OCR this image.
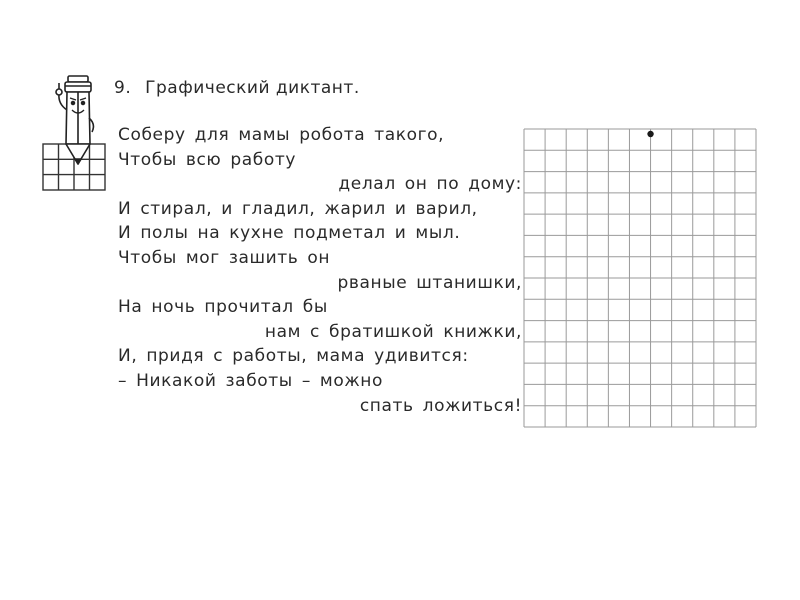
9. Графический диктант.
Соберу для мамы робота такого,
Чтобы всю работу
делал он по дому:
И стирал, и гладил, жарил и варил,
И полы на кухне подметал и мыл.
Чтобы мог зашить он
рваные штанишки,
На ночь прочитал бы
нам с братишкой книжки,
И, придя с работы, мама удивится:
– Никакой заботы – можно
спать ложиться!
